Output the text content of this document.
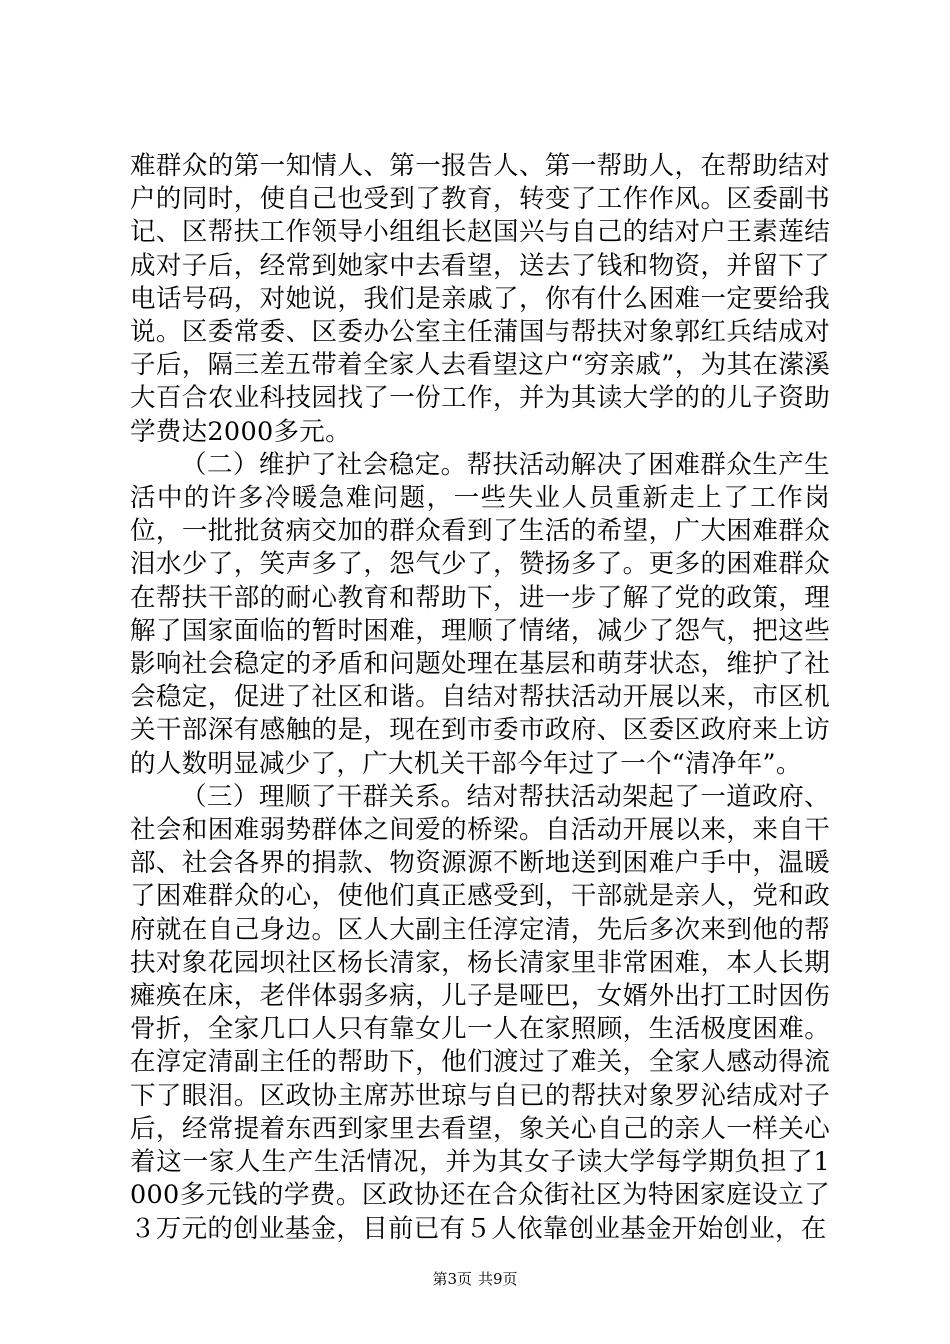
难群众的第一知情人、第一报告人、第一帮助人，在帮助结对户的同时，使自己也受到了教育，转变了工作作风。区委副书记、区帮扶工作领导小组组长赵国兴与自己的结对户王素莲结成对子后，经常到她家中去看望，送去了钱和物资，并留下了电话号码，对她说，我们是亲戚了，你有什么困难一定要给我说。区委常委、区委办公室主任蒲国与帮扶对象郭红兵结成对子后，隔三差五带着全家人去看望这户“穷亲戚”，为其在潆溪大百合农业科技园找了一份工作，并为其读大学的的儿子资助学费达2000多元。

（二）维护了社会稳定。帮扶活动解决了困难群众生产生活中的许多冷暖急难问题，一些失业人员重新走上了工作岗位，一批批贫病交加的群众看到了生活的希望，广大困难群众泪水少了，笑声多了，怨气少了，赞扬多了。更多的困难群众在帮扶干部的耐心教育和帮助下，进一步了解了党的政策，理解了国家面临的暂时困难，理顺了情绪，减少了怨气，把这些影响社会稳定的矛盾和问题处理在基层和萌芽状态，维护了社会稳定，促进了社区和谐。自结对帮扶活动开展以来，市区机关干部深有感触的是，现在到市委市政府、区委区政府来上访的人数明显减少了，广大机关干部今年过了一个“清净年”。

（三）理顺了干群关系。结对帮扶活动架起了一道政府、社会和困难弱势群体之间爱的桥梁。自活动开展以来，来自干部、社会各界的捐款、物资源源不断地送到困难户手中，温暖了困难群众的心，使他们真正感受到，干部就是亲人，党和政府就在自己身边。区人大副主任淳定清，先后多次来到他的帮扶对象花园坝社区杨长清家，杨长清家里非常困难，本人长期瘫痪在床，老伴体弱多病，儿子是哑巴，女婿外出打工时因伤骨折，全家几口人只有靠女儿一人在家照顾，生活极度困难。在淳定清副主任的帮助下，他们渡过了难关，全家人感动得流下了眼泪。区政协主席苏世琼与自已的帮扶对象罗沁结成对子后，经常提着东西到家里去看望，象关心自己的亲人一样关心着这一家人生产生活情况，并为其女子读大学每学期负担了1000多元钱的学费。区政协还在合众街社区为特困家庭设立了３万元的创业基金，目前已有５人依靠创业基金开始创业，在

第3页 共9页
